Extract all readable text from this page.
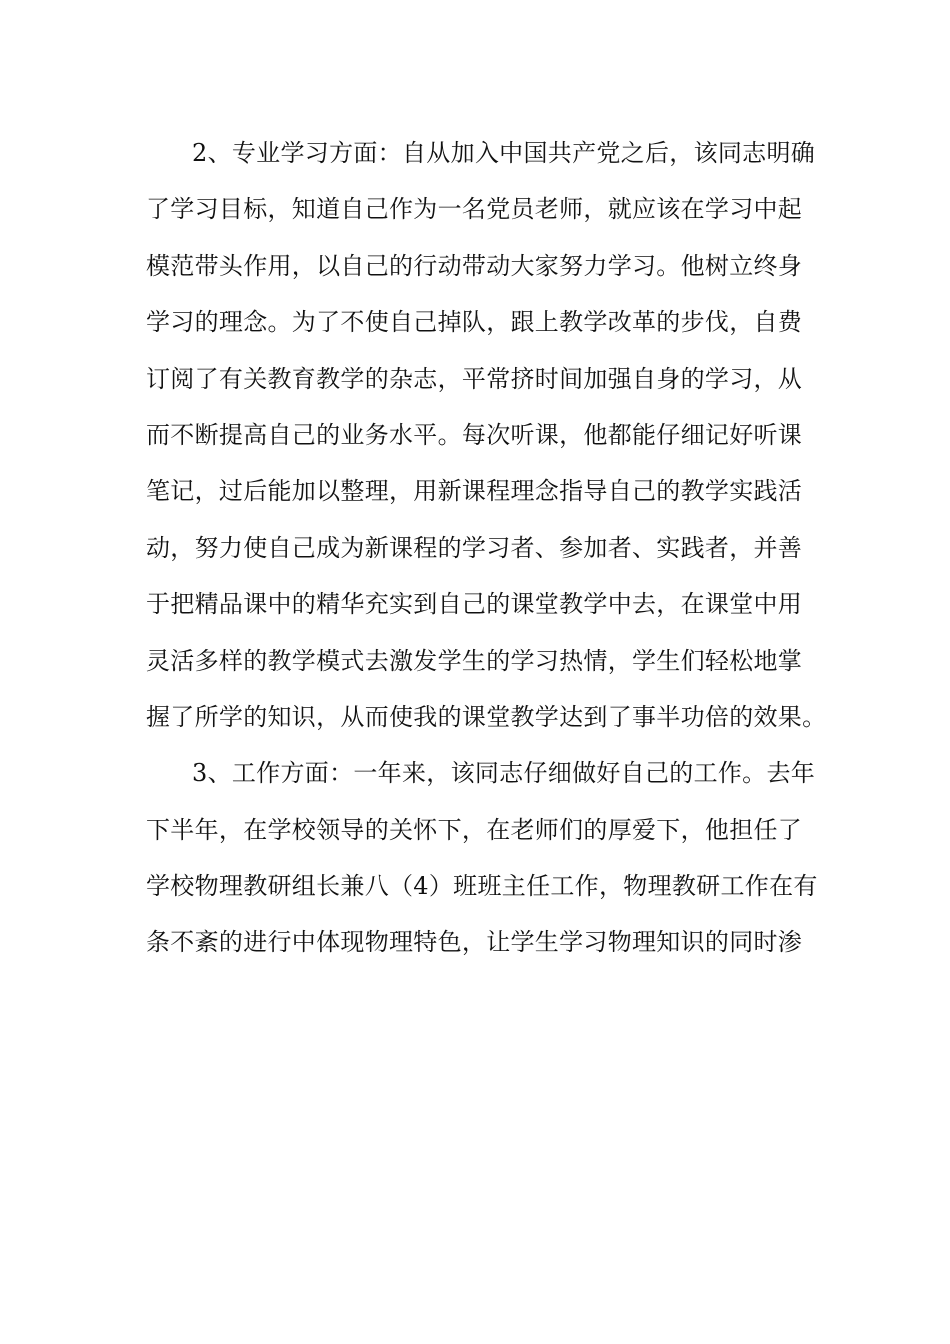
2、专业学习方面：自从加入中国共产党之后，该同志明确
了学习目标，知道自己作为一名党员老师，就应该在学习中起
模范带头作用，以自己的行动带动大家努力学习。他树立终身
学习的理念。为了不使自己掉队，跟上教学改革的步伐，自费
订阅了有关教育教学的杂志，平常挤时间加强自身的学习，从
而不断提高自己的业务水平。每次听课，他都能仔细记好听课
笔记，过后能加以整理，用新课程理念指导自己的教学实践活
动，努力使自己成为新课程的学习者、参加者、实践者，并善
于把精品课中的精华充实到自己的课堂教学中去，在课堂中用
灵活多样的教学模式去激发学生的学习热情，学生们轻松地掌
握了所学的知识，从而使我的课堂教学达到了事半功倍的效果。
3、工作方面：一年来，该同志仔细做好自己的工作。去年
下半年，在学校领导的关怀下，在老师们的厚爱下，他担任了
学校物理教研组长兼八（4）班班主任工作，物理教研工作在有
条不紊的进行中体现物理特色，让学生学习物理知识的同时渗
